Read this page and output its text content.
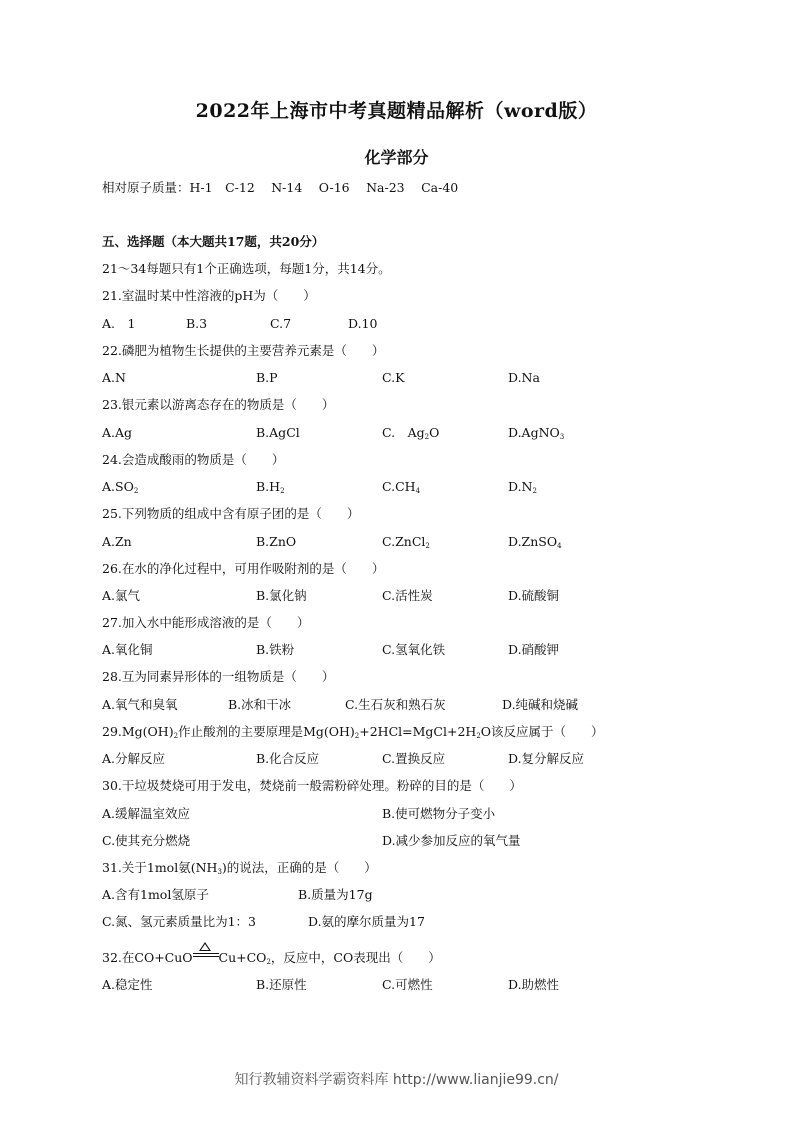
2022年上海市中考真题精品解析（word版）
化学部分
相对原子质量：H-1　C-12　 N-14　 O-16　 Na-23　 Ca-40
五、选择题（本大题共17题，共20分）
21～34每题只有1个正确选项，每题1分，共14分。
21.室温时某中性溶液的pH为（　　）
A.　1	B.3	C.7	D.10
22.磷肥为植物生长提供的主要营养元素是（　　）
A.N	B.P	C.K	D.Na
23.银元素以游离态存在的物质是（　　）
A.Ag	B.AgCl	C.　$Ag_2O$	D.AgNO$_3$
24.会造成酸雨的物质是（　　）
$A.SO_2$	$B.H_2$	$C.CH_4$	$D.N_2$
25.下列物质的组成中含有原子团的是（　　）
A.Zn	B.ZnO	C.ZnCl$_2$	D.ZnSO$_4$
26.在水的净化过程中，可用作吸附剂的是（　　）
A.氯气	B.氯化钠	C.活性炭	D.硫酸铜
27.加入水中能形成溶液的是（　　）
A.氧化铜	B.铁粉	C.氢氧化铁	D.硝酸钾
28.互为同素异形体的一组物质是（　　）
A.氧气和臭氧	B.冰和干冰	C.生石灰和熟石灰	D.纯碱和烧碱
$29.Mg(OH)_2$作止酸剂的主要原理是$Mg(OH)_2+2HCl=MgCl+2H_2O$该反应属于（　　）
A.分解反应	B.化合反应	C.置换反应	D.复分解反应
30.干垃圾焚烧可用于发电，焚烧前一般需粉碎处理。粉碎的目的是（　　）
A.缓解温室效应	B.使可燃物分子变小
C.使其充分燃烧	D.减少参加反应的氧气量
31.关于1mol氨$(NH_3)$的说法，正确的是（　　）
A.含有1mol氢原子	B.质量为17g
C.氮、氢元素质量比为1：3	D.氨的摩尔质量为17
32.在CO+CuO $Cu+CO_2$，反应中，CO表现出（　　）
A.稳定性	B.还原性	C.可燃性	D.助燃性
知行教辅资料学霸资料库 http://www.lianjie99.cn/
